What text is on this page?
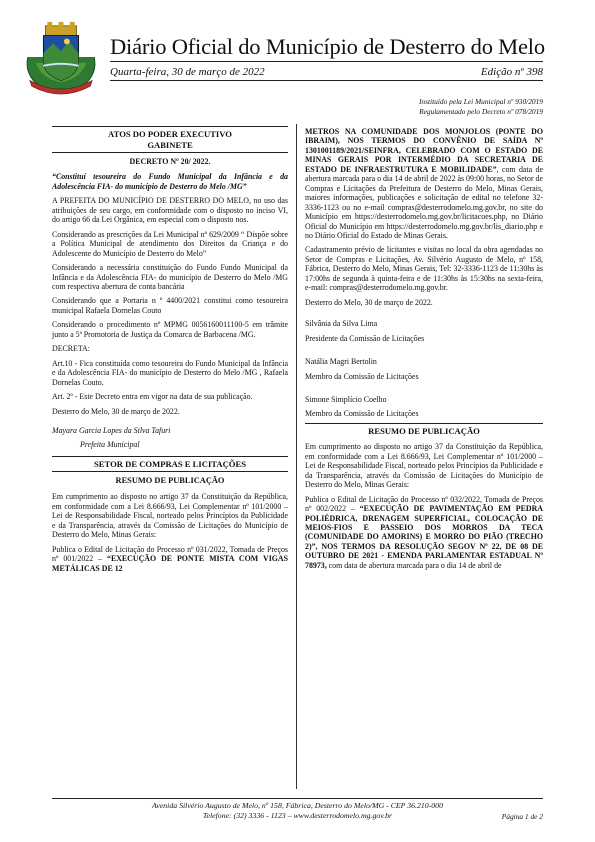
Diário Oficial do Município de Desterro do Melo
Quarta-feira, 30 de março de 2022	Edição nº 398
Instituído pela Lei Municipal nº 930/2019
Regulamentado pelo Decreto nº 078/2019
ATOS DO PODER EXECUTIVO
GABINETE

DECRETO Nº 20/ 2022.

“Constitui tesoureira do Fundo Municipal da Infância e da Adolescência FIA- do município de Desterro do Melo /MG”

A PREFEITA DO MUNICÍPIO DE DESTERRO DO MELO, no uso das atribuições de seu cargo, em conformidade com o disposto no inciso VI, do artigo 66 da Lei Orgânica, em especial com o disposto nos.

Considerando as prescrições da Lei Municipal nº 629/2009 “ Dispõe sobre a Política Municipal de atendimento dos Direitos da Criança e do Adolescente do Município de Desterro do Melo”

Considerando a necessária constituição do Fundo Fundo Municipal da Infância e da Adolescência FIA- do município de Desterro do Melo /MG com respectiva abertura de conta bancária

Considerando que a Portaria n º 4400/2021 constitui como tesoureira municipal Rafaela Dornelas Couto

Considerando o procedimento nº MPMG 0056160011100-5 em trâmite junto a 5ª Promotoria de Justiça da Comarca de Barbacena /MG.

DECRETA:

Art.10 - Fica constituída como tesoureira do Fundo Municipal da Infância e da Adolescência FIA- do município de Desterro do Melo /MG , Rafaela Dornelas Couto.

Art. 2º - Este Decreto entra em vigor na data de sua publicação.

Desterro do Melo, 30 de março de 2022.

Mayara Garcia Lopes da Silva Tafuri

Prefeita Municipal

SETOR DE COMPRAS E LICITAÇÕES

RESUMO DE PUBLICAÇÃO

Em cumprimento ao disposto no artigo 37 da Constituição da República, em conformidade com a Lei 8.666/93, Lei Complementar nº 101/2000 – Lei de Responsabilidade Fiscal, norteado pelos Princípios da Publicidade e da Transparência, através da Comissão de Licitações do Município de Desterro do Melo, Minas Gerais:

Publica o Edital de Licitação do Processo nº 031/2022, Tomada de Preços nº 001/2022 – “EXECUÇÃO DE PONTE MISTA COM VIGAS METÁLICAS DE 12

METROS NA COMUNIDADE DOS MONJOLOS (PONTE DO IBRAIM), NOS TERMOS DO CONVÊNIO DE SAÍDA Nº 1301001189/2021/SEINFRA, CELEBRADO COM O ESTADO DE MINAS GERAIS POR INTERMÉDIO DA SECRETARIA DE ESTADO DE INFRAESTRUTURA E MOBILIDADE”, com data de abertura marcada para o dia 14 de abril de 2022 às 09:00 horas, no Setor de Compras e Licitações da Prefeitura de Desterro do Melo, Minas Gerais, maiores informações, publicações e solicitação de edital no telefone 32-3336-1123 ou no e-mail compras@desterrodomelo.mg.gov.br, no site do Município em https://desterrodomelo.mg.gov.br/licitacoes.php, no Diário Oficial do Município em https://desterrodomelo.mg.gov.br/lis_diario.php e no Diário Oficial do Estado de Minas Gerais.

Cadastramento prévio de licitantes e visitas no local da obra agendadas no Setor de Compras e Licitações, Av. Silvério Augusto de Melo, nº 158, Fábrica, Desterro do Melo, Minas Gerais, Tel: 32-3336-1123 de 11:30hs às 17:00hs de segunda à quinta-feira e de 11:30hs às 15:30hs na sexta-feira, e-mail: compras@desterrodomelo.mg.gov.br.

Desterro do Melo, 30 de março de 2022.

Silvânia da Silva Lima

Presidente da Comissão de Licitações

Natália Magri Bertolin

Membro da Comissão de Licitações

Simone Simplício Coelho

Membro da Comissão de Licitações

RESUMO DE PUBLICAÇÃO

Em cumprimento ao disposto no artigo 37 da Constituição da República, em conformidade com a Lei 8.666/93, Lei Complementar nº 101/2000 – Lei de Responsabilidade Fiscal, norteado pelos Princípios da Publicidade e da Transparência, através da Comissão de Licitações do Município de Desterro do Melo, Minas Gerais:

Publica o Edital de Licitação do Processo nº 032/2022, Tomada de Preços nº 002/2022 – “EXECUÇÃO DE PAVIMENTAÇÃO EM PEDRA POLIÉDRICA, DRENAGEM SUPERFICIAL, COLOCAÇÃO DE MEIOS-FIOS E PASSEIO DOS MORROS DA TECA (COMUNIDADE DO AMORINS) E MORRO DO PIÃO (TRECHO 2)”, NOS TERMOS DA RESOLUÇÃO SEGOV Nº 22, DE 08 DE OUTUBRO DE 2021 - EMENDA PARLAMENTAR ESTADUAL Nº 78973, com data de abertura marcada para o dia 14 de abril de

Avenida Silvério Augusto de Melo, nº 158, Fábrica, Desterro do Melo/MG - CEP 36.210-000
Telefone: (32) 3336 - 1123 – www.desterrodomelo.mg.gov.br	Página 1 de 2
